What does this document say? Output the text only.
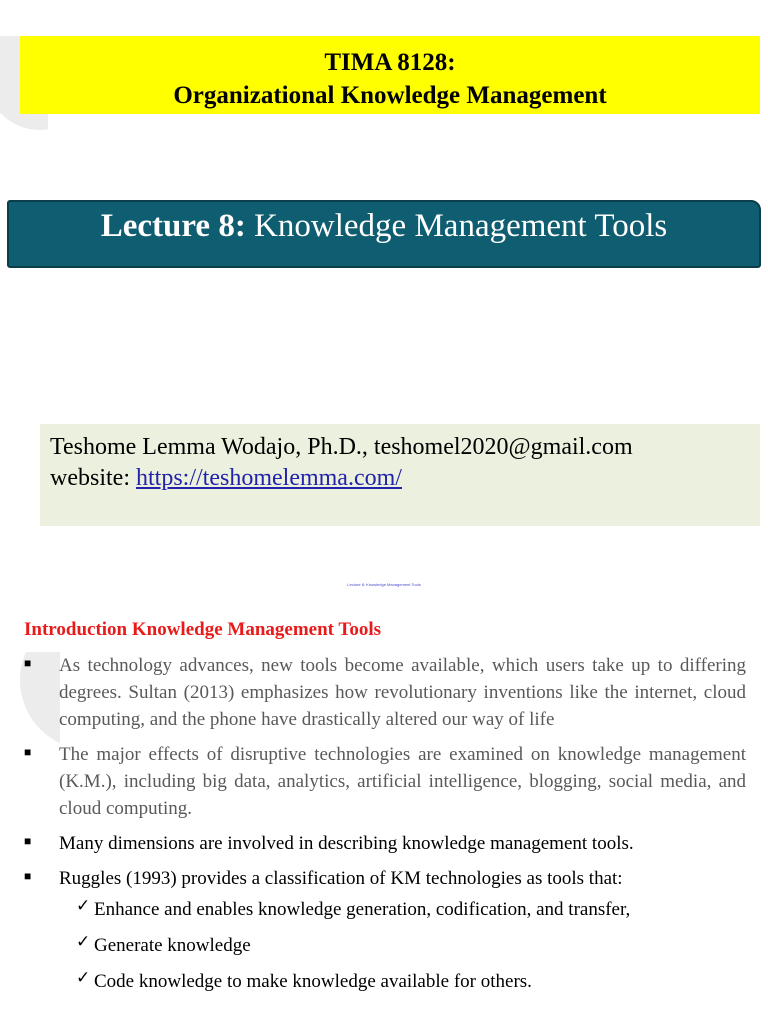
TIMA 8128:
Organizational Knowledge Management
Lecture 8: Knowledge Management Tools
Teshome Lemma Wodajo, Ph.D., teshomel2020@gmail.com
website: https://teshomelemma.com/
Lecture 8: Knowledge Management Tools
Introduction Knowledge Management Tools
■ As technology advances, new tools become available, which users take up to differing degrees. Sultan (2013) emphasizes how revolutionary inventions like the internet, cloud computing, and the phone have drastically altered our way of life
■ The major effects of disruptive technologies are examined on knowledge management (K.M.), including big data, analytics, artificial intelligence, blogging, social media, and cloud computing.
■ Many dimensions are involved in describing knowledge management tools.
■ Ruggles (1993) provides a classification of KM technologies as tools that:
✓ Enhance and enables knowledge generation, codification, and transfer,
✓ Generate knowledge
✓ Code knowledge to make knowledge available for others.
